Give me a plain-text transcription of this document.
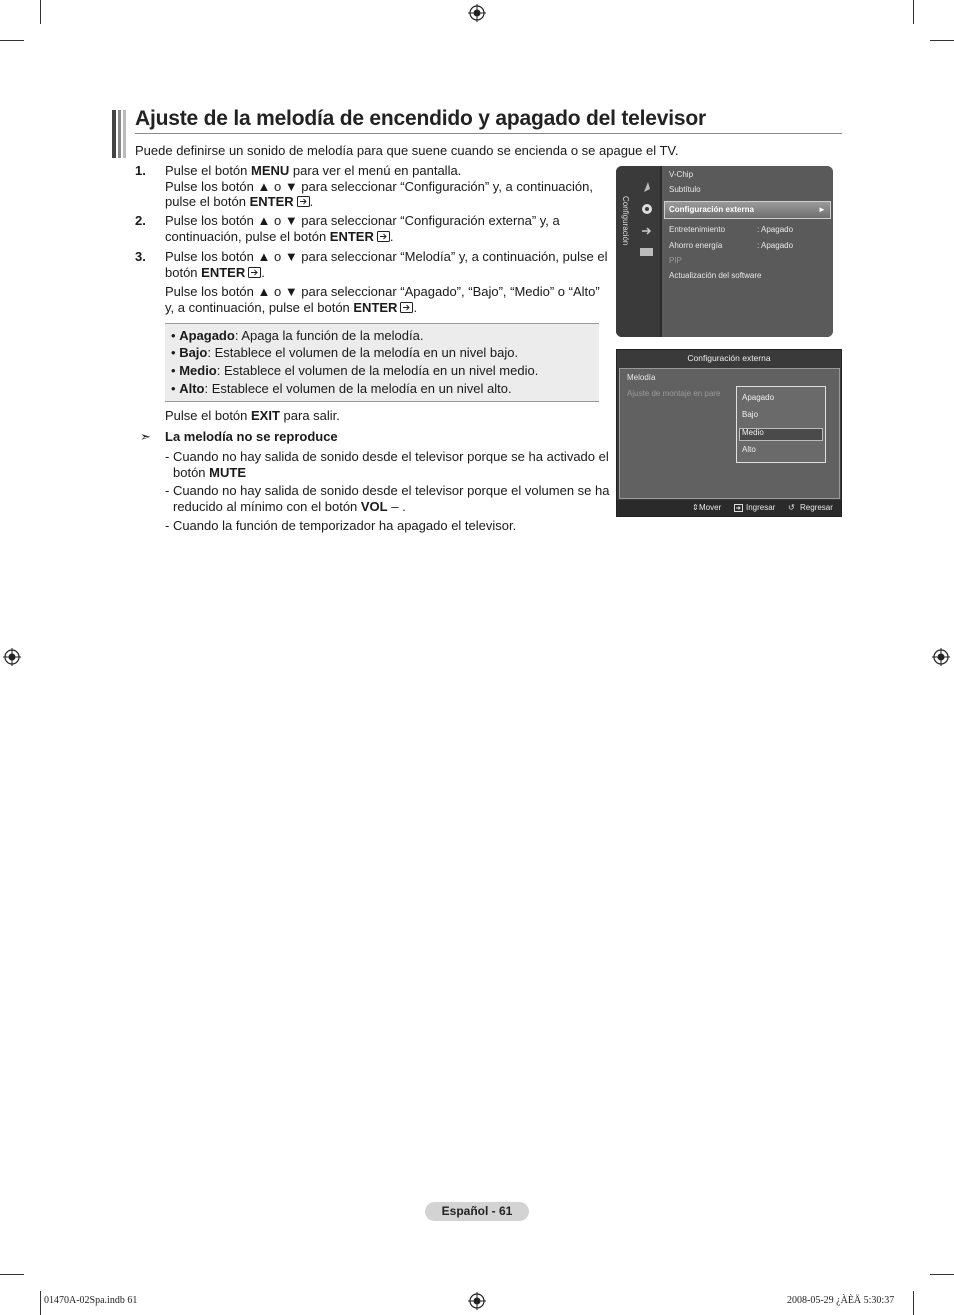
Ajuste de la melodía de encendido y apagado del televisor
Puede definirse un sonido de melodía para que suene cuando se encienda o se apague el TV.
1. Pulse el botón MENU para ver el menú en pantalla.
Pulse los botón ▲ o ▼ para seleccionar “Configuración” y, a continuación,
pulse el botón ENTER .
2. Pulse los botón ▲ o ▼ para seleccionar “Configuración externa” y, a
continuación, pulse el botón ENTER .
3. Pulse los botón ▲ o ▼ para seleccionar “Melodía” y, a continuación, pulse el
botón ENTER .
Pulse los botón ▲ o ▼ para seleccionar “Apagado”, “Bajo”, “Medio” o “Alto”
y, a continuación, pulse el botón ENTER .
• Apagado: Apaga la función de la melodía.
• Bajo: Establece el volumen de la melodía en un nivel bajo.
• Medio: Establece el volumen de la melodía en un nivel medio.
• Alto: Establece el volumen de la melodía en un nivel alto.
Pulse el botón EXIT para salir.
➣ La melodía no se reproduce
- Cuando no hay salida de sonido desde el televisor porque se ha activado el
botón MUTE
- Cuando no hay salida de sonido desde el televisor porque el volumen se ha
reducido al mínimo con el botón VOL – .
- Cuando la función de temporizador ha apagado el televisor.
Configuración
V-Chip
Subtítulo
Configuración externa	►
Entretenimiento	: Apagado
Ahorro energía	: Apagado
PIP
Actualización del software
Configuración externa
Melodía
Ajuste de montaje en pare	Apagado
Bajo
Medio
Alto
⇕ Mover	Ingresar ↺ Regresar
Español - 61
01470A-02Spa.indb 61	2008-05-29 ¿ÀÈÄ 5:30:37
